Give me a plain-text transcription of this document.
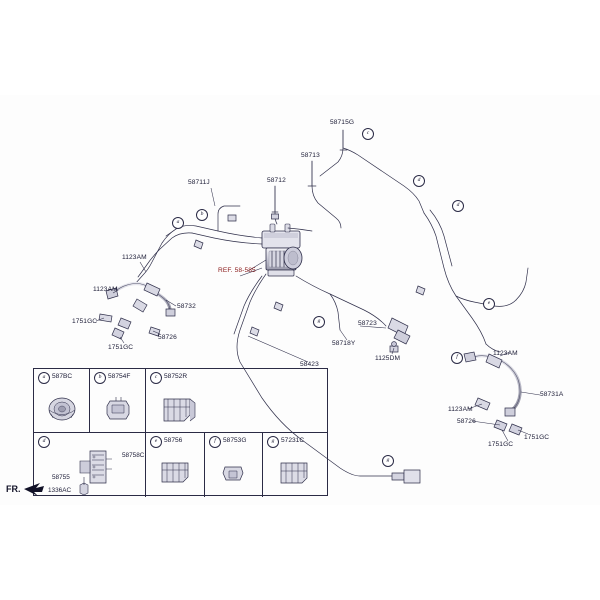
58715G
58713
58712
58711J
1123AM
1123AM
58732
1751GC
58726
1751GC
REF. 58-585
58723
1125DM
58718Y
58423
1123AM
58731A
1123AM
58726
1751GC
1751GC
a
b
c
d
d
e
f
g
g
a	587BC	b	58754F	c	58752R
d
58758C
58755
1336AC
e	58756	f	58753G	g	57231C
FR.
